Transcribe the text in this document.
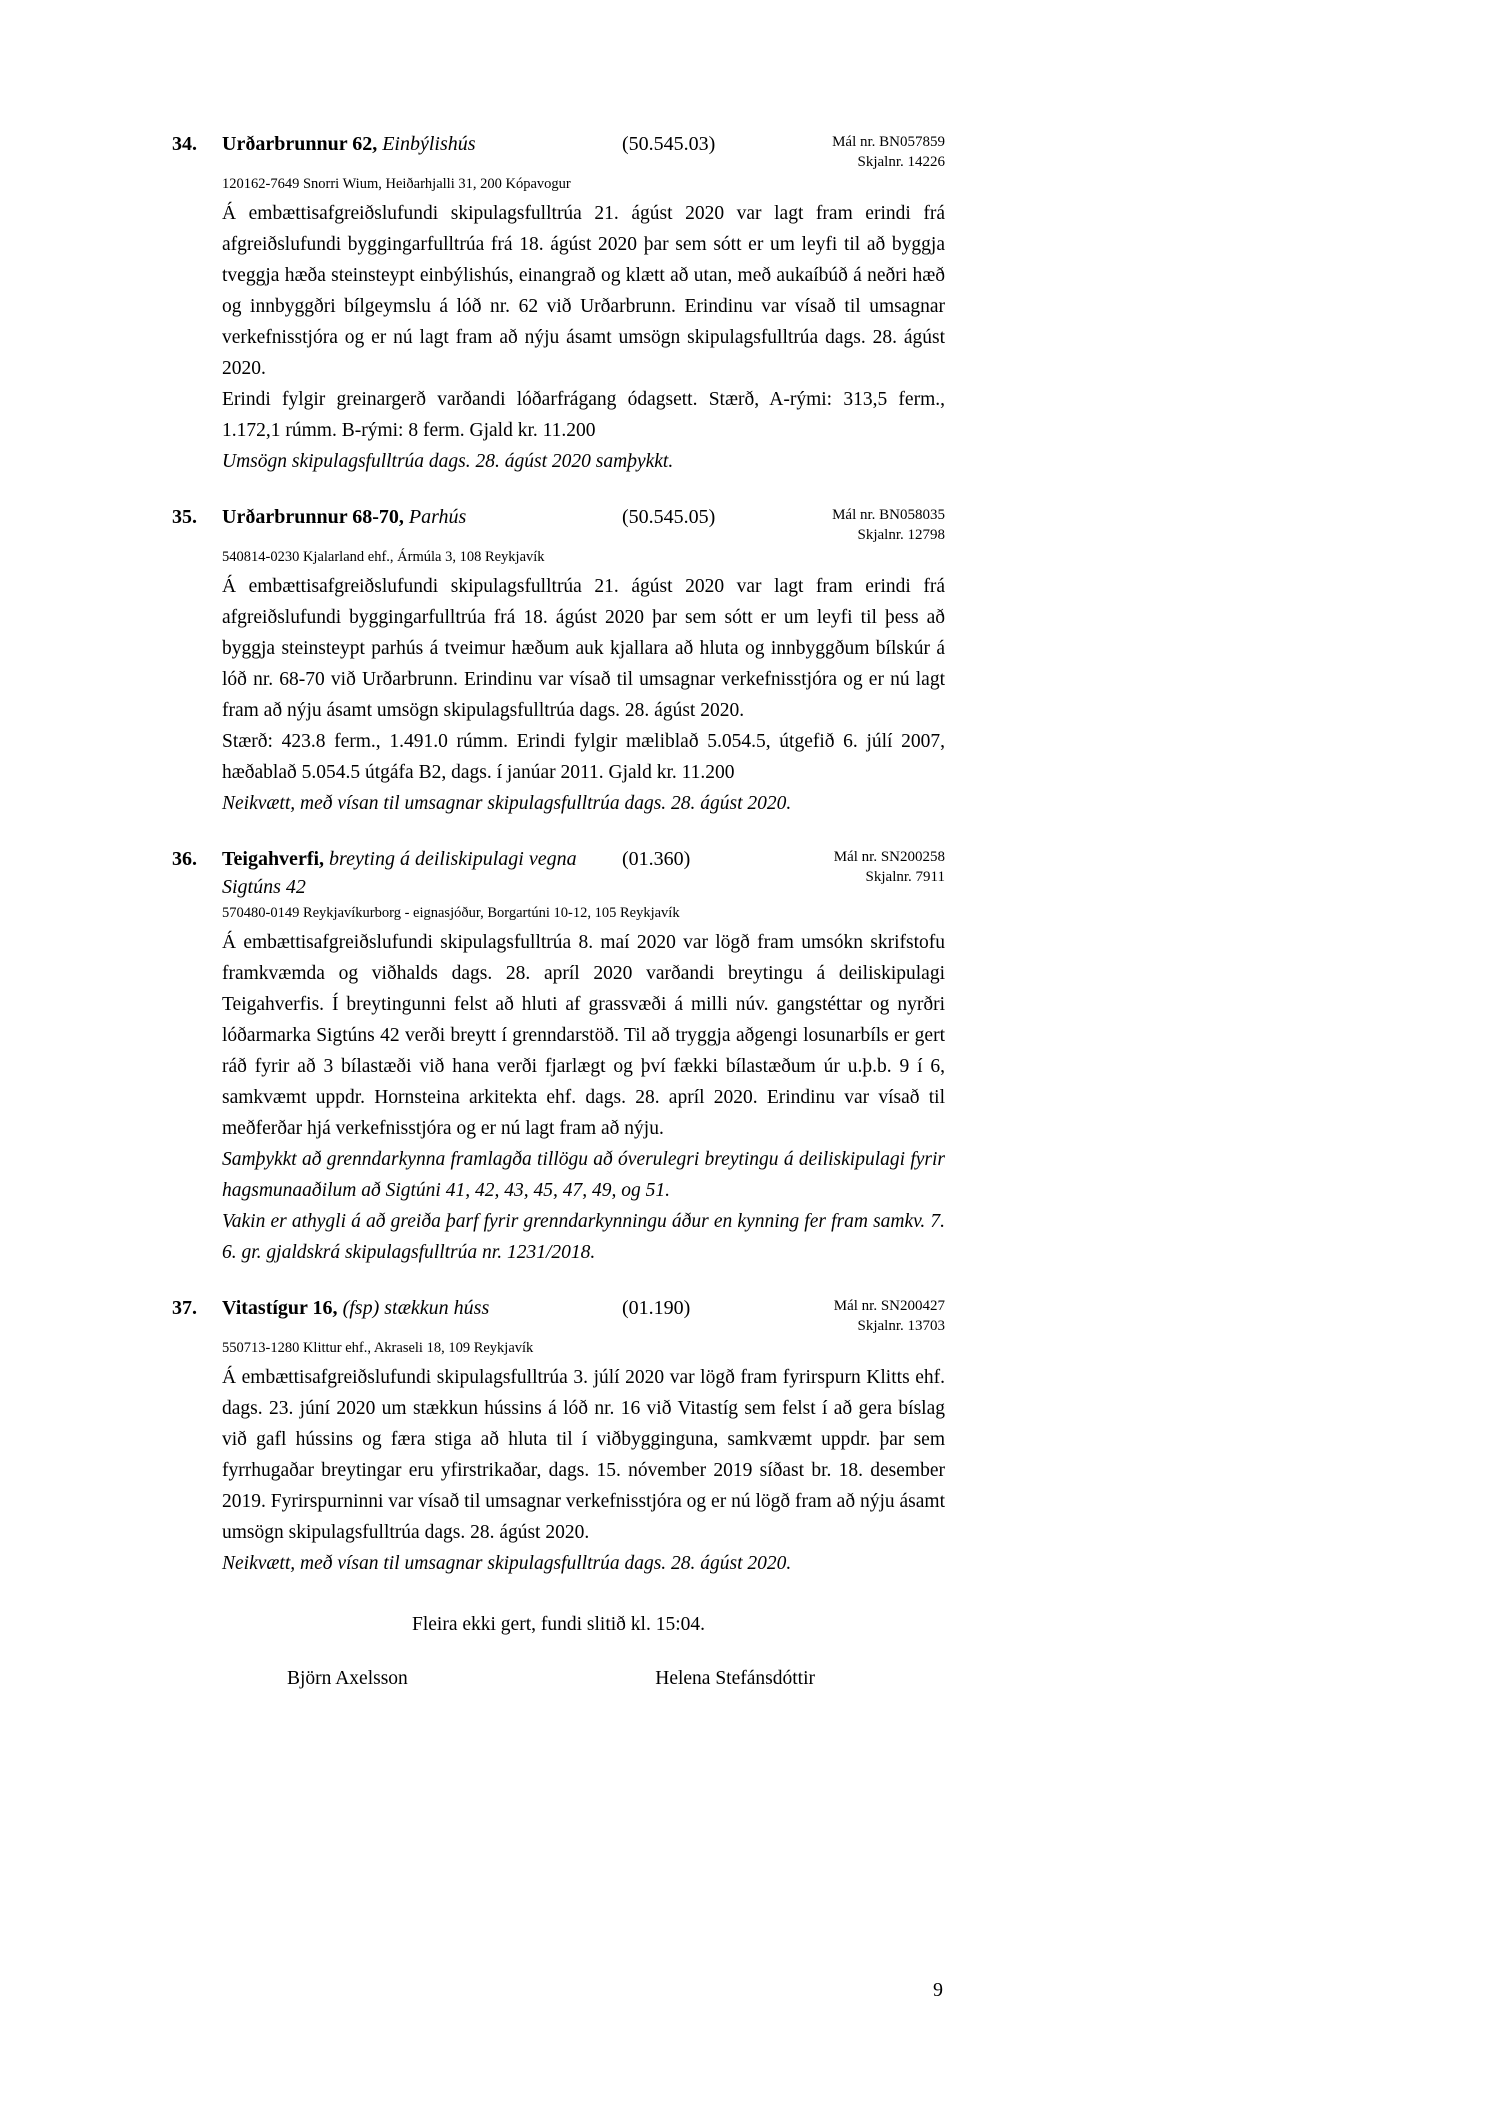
34.	Urðarbrunnur 62, Einbýlishús	(50.545.03)	Mál nr. BN057859
Skjalnr. 14226
120162-7649 Snorri Wium, Heiðarhjalli 31, 200 Kópavogur

Á embættisafgreiðslufundi skipulagsfulltrúa 21. ágúst 2020 var lagt fram erindi frá afgreiðslufundi byggingarfulltrúa frá 18. ágúst 2020 þar sem sótt er um leyfi til að byggja tveggja hæða steinsteypt einbýlishús, einangrað og klætt að utan, með aukaíbúð á neðri hæð og innbyggðri bílgeymslu á lóð nr. 62 við Urðarbrunn. Erindinu var vísað til umsagnar verkefnisstjóra og er nú lagt fram að nýju ásamt umsögn skipulagsfulltrúa dags. 28. ágúst 2020.

Erindi fylgir greinargerð varðandi lóðarfrágang ódagsett. Stærð, A-rými: 313,5 ferm., 1.172,1 rúmm. B-rými: 8 ferm. Gjald kr. 11.200

Umsögn skipulagsfulltrúa dags. 28. ágúst 2020 samþykkt.

35.	Urðarbrunnur 68-70, Parhús	(50.545.05)	Mál nr. BN058035
Skjalnr. 12798
540814-0230 Kjalarland ehf., Ármúla 3, 108 Reykjavík

Á embættisafgreiðslufundi skipulagsfulltrúa 21. ágúst 2020 var lagt fram erindi frá afgreiðslufundi byggingarfulltrúa frá 18. ágúst 2020 þar sem sótt er um leyfi til þess að byggja steinsteypt parhús á tveimur hæðum auk kjallara að hluta og innbyggðum bílskúr á lóð nr. 68-70 við Urðarbrunn. Erindinu var vísað til umsagnar verkefnisstjóra og er nú lagt fram að nýju ásamt umsögn skipulagsfulltrúa dags. 28. ágúst 2020.

Stærð: 423.8 ferm., 1.491.0 rúmm. Erindi fylgir mæliblað 5.054.5, útgefið 6. júlí 2007, hæðablað 5.054.5 útgáfa B2, dags. í janúar 2011. Gjald kr. 11.200

Neikvætt, með vísan til umsagnar skipulagsfulltrúa dags. 28. ágúst 2020.

36.	Teigahverfi, breyting á deiliskipulagi vegna Sigtúns 42
(01.360)	Mál nr. SN200258
Skjalnr. 7911
570480-0149 Reykjavíkurborg - eignasjóður, Borgartúni 10-12, 105 Reykjavík

Á embættisafgreiðslufundi skipulagsfulltrúa 8. maí 2020 var lögð fram umsókn skrifstofu framkvæmda og viðhalds dags. 28. apríl 2020 varðandi breytingu á deiliskipulagi Teigahverfis. Í breytingunni felst að hluti af grassvæði á milli núv. gangstéttar og nyrðri lóðarmarka Sigtúns 42 verði breytt í grenndarstöð. Til að tryggja aðgengi losunarbíls er gert ráð fyrir að 3 bílastæði við hana verði fjarlægt og því fækki bílastæðum úr u.þ.b. 9 í 6, samkvæmt uppdr. Hornsteina arkitekta ehf. dags. 28. apríl 2020. Erindinu var vísað til meðferðar hjá verkefnisstjóra og er nú lagt fram að nýju.

Samþykkt að grenndarkynna framlagða tillögu að óverulegri breytingu á deiliskipulagi fyrir hagsmunaaðilum að Sigtúni 41, 42, 43, 45, 47, 49, og 51.

Vakin er athygli á að greiða þarf fyrir grenndarkynningu áður en kynning fer fram samkv. 7. 6. gr. gjaldskrá skipulagsfulltrúa nr. 1231/2018.

37.	Vitastígur 16, (fsp) stækkun húss	(01.190)	Mál nr. SN200427
Skjalnr. 13703
550713-1280 Klittur ehf., Akraseli 18, 109 Reykjavík

Á embættisafgreiðslufundi skipulagsfulltrúa 3. júlí 2020 var lögð fram fyrirspurn Klitts ehf. dags. 23. júní 2020 um stækkun hússins á lóð nr. 16 við Vitastíg sem felst í að gera bíslag við gafl hússins og færa stiga að hluta til í viðbygginguna, samkvæmt uppdr. þar sem fyrrhugaðar breytingar eru yfirstrikaðar, dags. 15. nóvember 2019 síðast br. 18. desember 2019. Fyrirspurninni var vísað til umsagnar verkefnisstjóra og er nú lögð fram að nýju ásamt umsögn skipulagsfulltrúa dags. 28. ágúst 2020.

Neikvætt, með vísan til umsagnar skipulagsfulltrúa dags. 28. ágúst 2020.

Fleira ekki gert, fundi slitið kl. 15:04.
Björn Axelsson	Helena Stefánsdóttir
9
